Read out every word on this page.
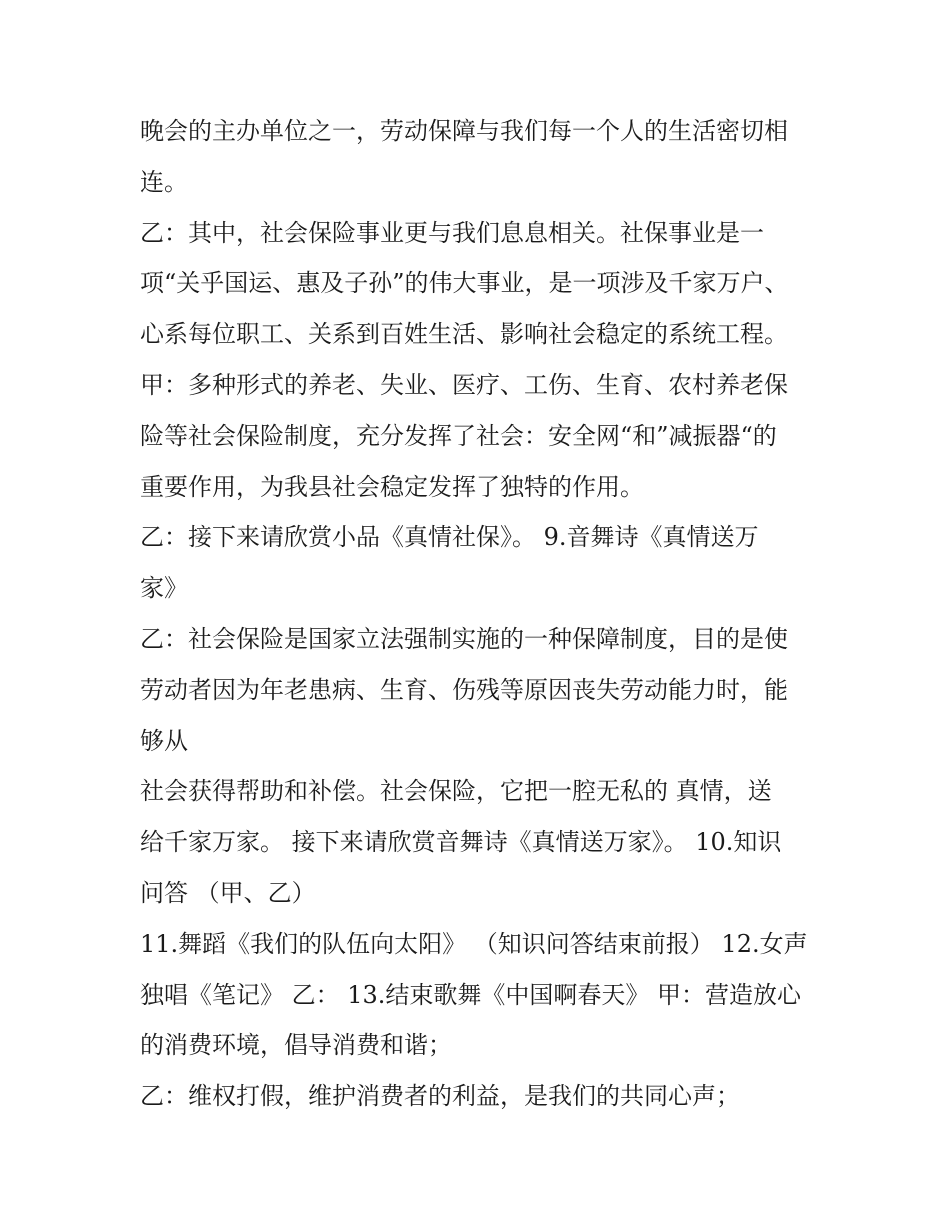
晚会的主办单位之一，劳动保障与我们每一个人的生活密切相
连。
乙：其中，社会保险事业更与我们息息相关。社保事业是一
项“关乎国运、惠及子孙”的伟大事业，是一项涉及千家万户、
心系每位职工、关系到百姓生活、影响社会稳定的系统工程。
甲：多种形式的养老、失业、医疗、工伤、生育、农村养老保
险等社会保险制度，充分发挥了社会：安全网“和”减振器“的
重要作用，为我县社会稳定发挥了独特的作用。
乙：接下来请欣赏小品《真情社保》。 9.音舞诗《真情送万
家》
乙：社会保险是国家立法强制实施的一种保障制度，目的是使
劳动者因为年老患病、生育、伤残等原因丧失劳动能力时，能
够从
社会获得帮助和补偿。社会保险，它把一腔无私的 真情，送
给千家万家。 接下来请欣赏音舞诗《真情送万家》。 10.知识
问答 （甲、乙）
11.舞蹈《我们的队伍向太阳》 （知识问答结束前报） 12.女声
独唱《笔记》 乙： 13.结束歌舞《中国啊春天》 甲：营造放心
的消费环境，倡导消费和谐；
乙：维权打假，维护消费者的利益，是我们的共同心声；
